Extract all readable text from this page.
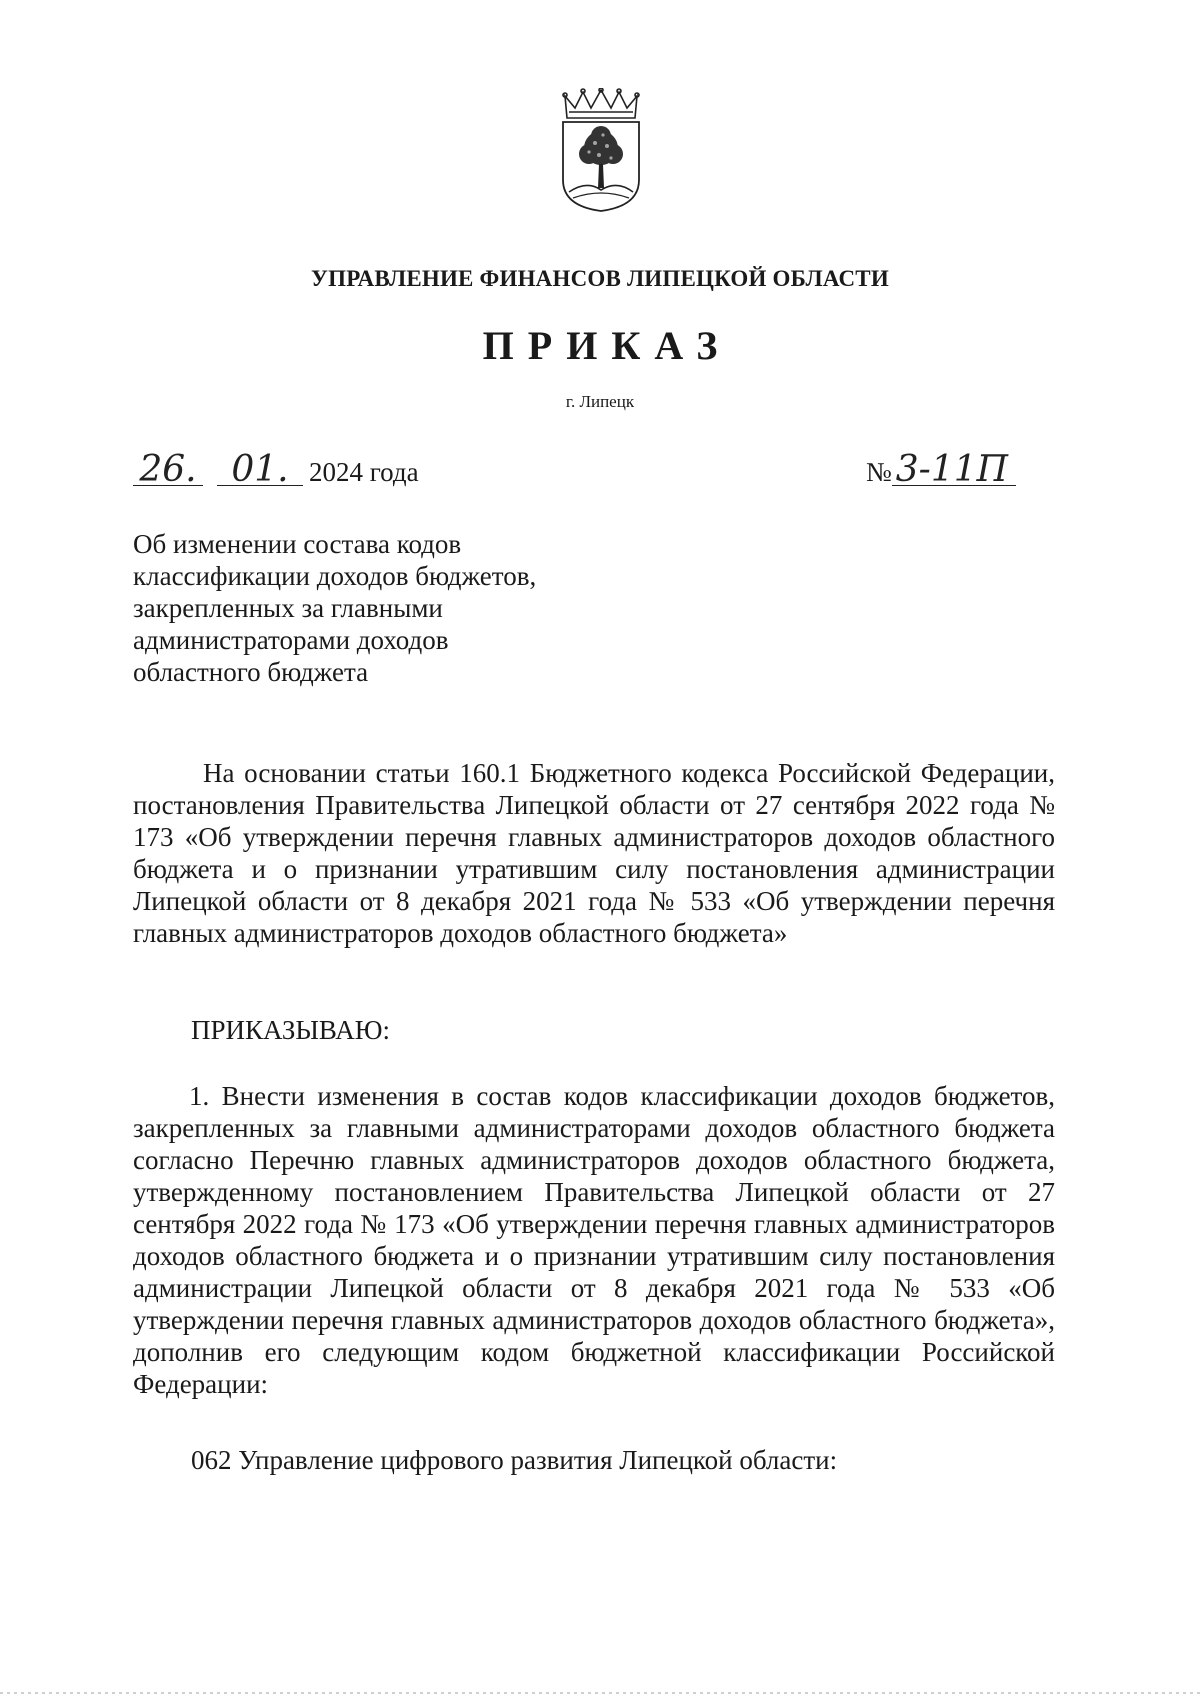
УПРАВЛЕНИЕ ФИНАНСОВ ЛИПЕЦКОЙ ОБЛАСТИ
ПРИКАЗ
г. Липецк
26. 01. 2024 года	№ 3-11П
Об изменении состава кодов
классификации доходов бюджетов,
закрепленных за главными
администраторами доходов
областного бюджета
На основании статьи 160.1 Бюджетного кодекса Российской Федерации, постановления Правительства Липецкой области от 27 сентября 2022 года № 173 «Об утверждении перечня главных администраторов доходов областного бюджета и о признании утратившим силу постановления администрации Липецкой области от 8 декабря 2021 года № 533 «Об утверждении перечня главных администраторов доходов областного бюджета»
ПРИКАЗЫВАЮ:
1. Внести изменения в состав кодов классификации доходов бюджетов, закрепленных за главными администраторами доходов областного бюджета согласно Перечню главных администраторов доходов областного бюджета, утвержденному постановлением Правительства Липецкой области от 27 сентября 2022 года № 173 «Об утверждении перечня главных администраторов доходов областного бюджета и о признании утратившим силу постановления администрации Липецкой области от 8 декабря 2021 года № 533 «Об утверждении перечня главных администраторов доходов областного бюджета», дополнив его следующим кодом бюджетной классификации Российской Федерации:
062 Управление цифрового развития Липецкой области:
